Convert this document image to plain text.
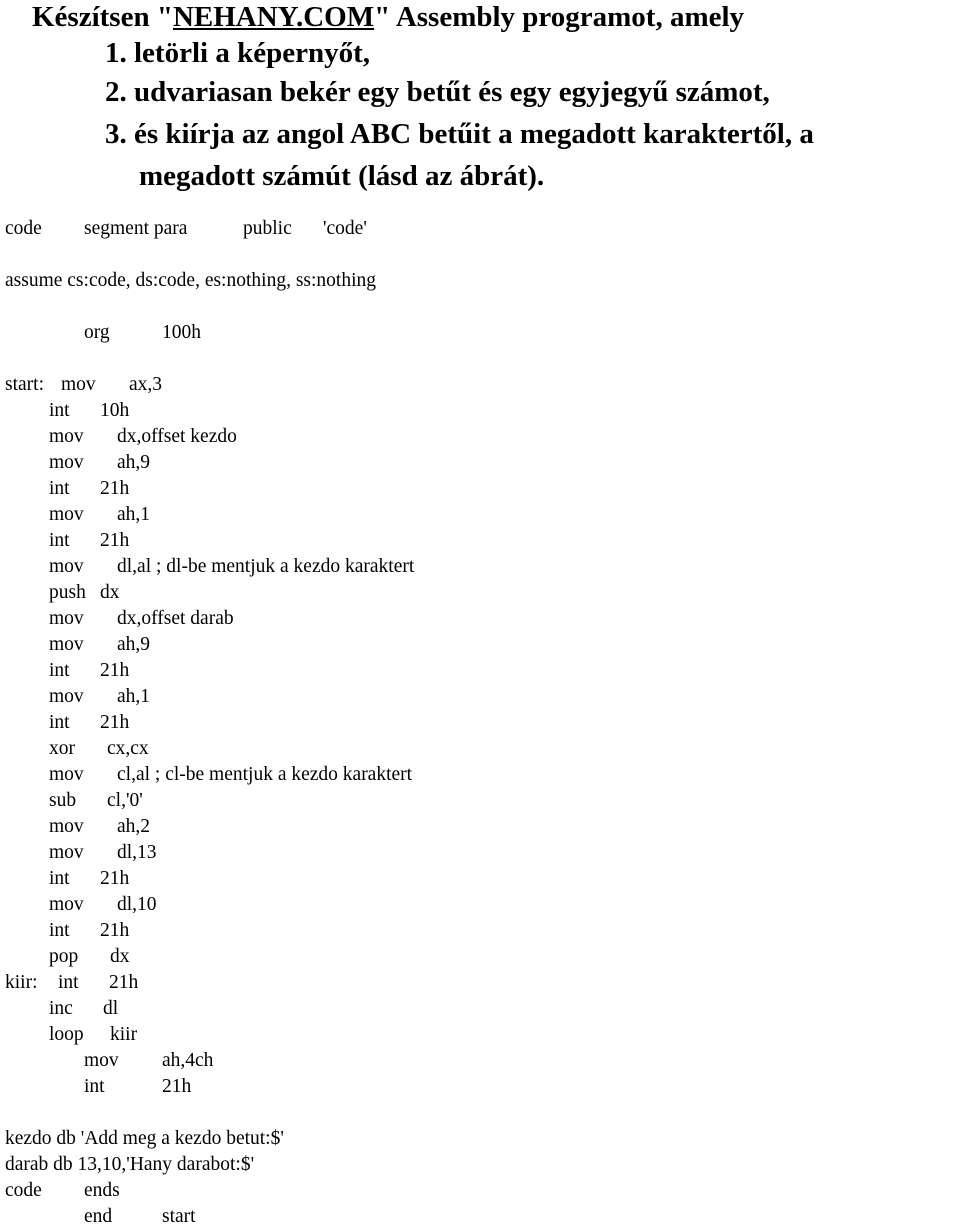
Készítsen "NEHANY.COM" Assembly programot, amely
1. letörli a képernyőt,
2. udvariasan bekér egy betűt és egy egyjegyű számot,
3. és kiírja az angol ABC betűit a megadott karaktertől, a
megadott számút (lásd az ábrát).
code segment para	public 'code'
assume cs:code, ds:code, es:nothing, ss:nothing
org	100h
start: mov ax,3
int 10h
mov dx,offset kezdo
mov ah,9
int 21h
mov ah,1
int 21h
mov dl,al ; dl-be mentjuk a kezdo karaktert
push dx
mov dx,offset darab
mov ah,9
int 21h
mov ah,1
int 21h
xor cx,cx
mov cl,al ; cl-be mentjuk a kezdo karaktert
sub cl,'0'
mov ah,2
mov dl,13
int 21h
mov dl,10
int 21h
pop dx
kiir: int 21h
inc dl
loop kiir
mov ah,4ch
int	21h
kezdo db 'Add meg a kezdo betut:$'
darab db 13,10,'Hany darabot:$'
code ends
end	start
